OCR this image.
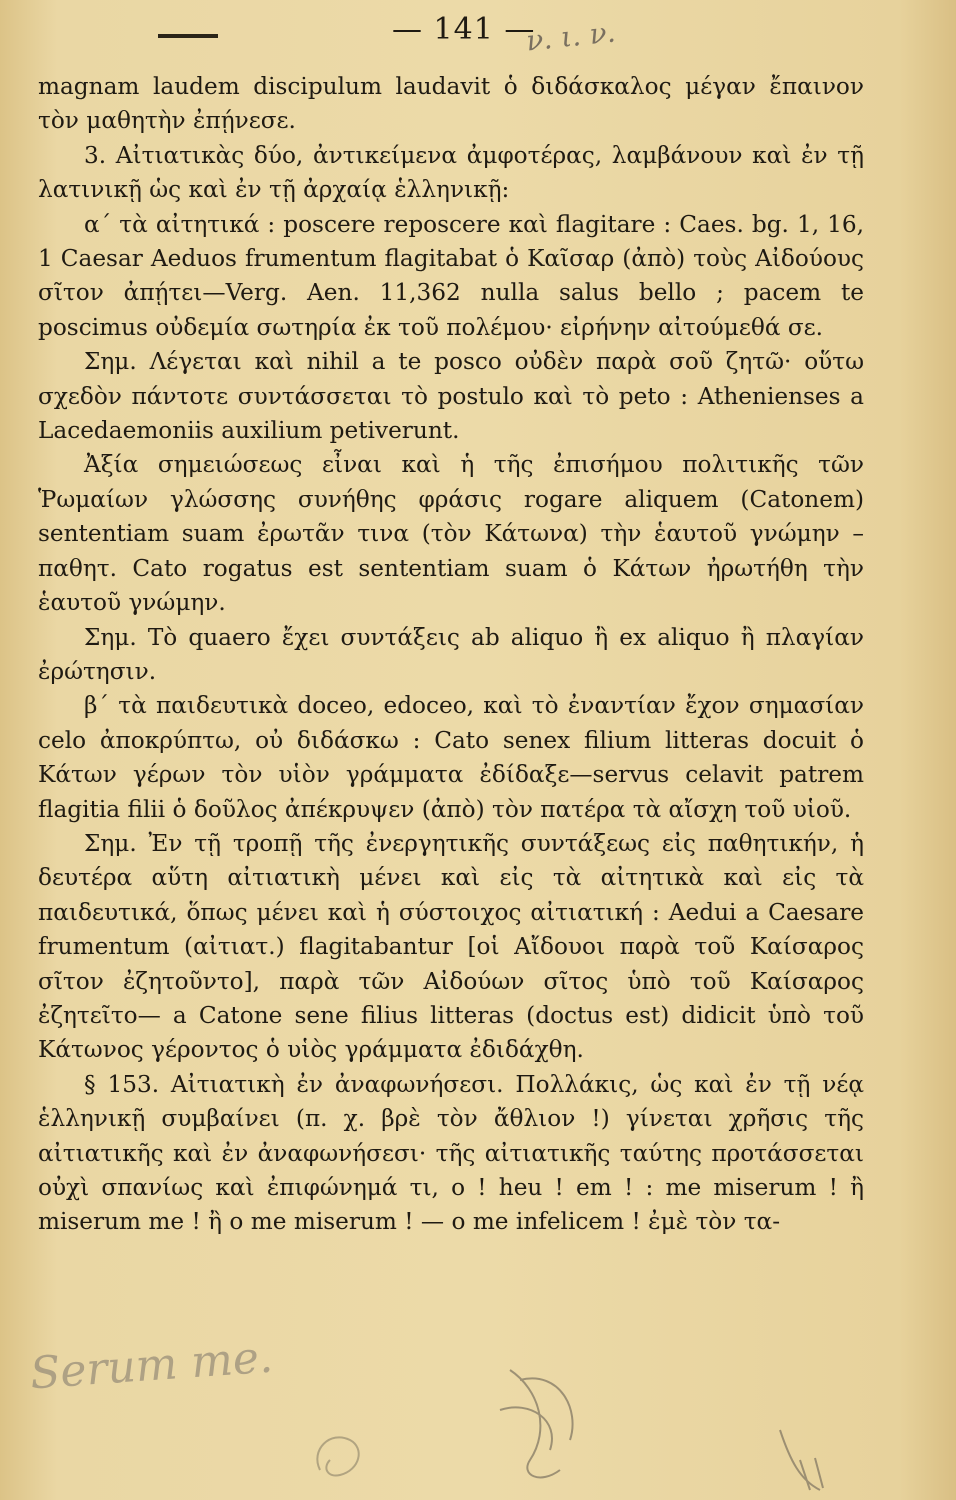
— 141 —
ν. ι. ν.

magnam laudem discipulum laudavit ὁ διδάσκαλος μέγαν ἔπαινον τὸν μαθητὴν ἐπῄνεσε.

3. Αἰτιατικὰς δύο, ἀντικείμενα ἀμφοτέρας, λαμβάνουν καὶ ἐν τῇ λατινικῇ ὡς καὶ ἐν τῇ ἀρχαίᾳ ἑλληνικῇ:

α΄ τὰ αἰτητικά : poscere reposcere καὶ flagitare : Caes. bg. 1, 16, 1 Caesar Aeduos frumentum flagitabat ὁ Καῖσαρ (ἀπὸ) τοὺς Αἰδούους σῖτον ἀπῄτει—Verg. Aen. 11,362 nulla salus bello ; pacem te poscimus οὐδεμία σωτηρία ἐκ τοῦ πολέμου· εἰρήνην αἰτούμεθά σε.

Σημ. Λέγεται καὶ nihil a te posco οὐδὲν παρὰ σοῦ ζητῶ· οὕτω σχεδὸν πάντοτε συντάσσεται τὸ postulo καὶ τὸ peto : Athenienses a Lacedaemoniis auxilium petiverunt.

Ἀξία σημειώσεως εἶναι καὶ ἡ τῆς ἐπισήμου πολιτικῆς τῶν Ῥωμαίων γλώσσης συνήθης φράσις rogare aliquem (Catonem) sententiam suam ἐρωτᾶν τινα (τὸν Κάτωνα) τὴν ἑαυτοῦ γνώμην – παθητ. Cato rogatus est sententiam suam ὁ Κάτων ἠρωτήθη τὴν ἑαυτοῦ γνώμην.

Σημ. Τὸ quaero ἔχει συντάξεις ab aliquo ἢ ex aliquo ἢ πλαγίαν ἐρώτησιν.

β΄ τὰ παιδευτικὰ doceo, edoceo, καὶ τὸ ἐναντίαν ἔχον σημασίαν celo ἀποκρύπτω, οὐ διδάσκω : Cato senex filium litteras docuit ὁ Κάτων γέρων τὸν υἱὸν γράμματα ἐδίδαξε—servus celavit patrem flagitia filii ὁ δοῦλος ἀπέκρυψεν (ἀπὸ) τὸν πατέρα τὰ αἴσχη τοῦ υἱοῦ.

Σημ. Ἐν τῇ τροπῇ τῆς ἐνεργητικῆς συντάξεως εἰς παθητικήν, ἡ δευτέρα αὕτη αἰτιατικὴ μένει καὶ εἰς τὰ αἰτητικὰ καὶ εἰς τὰ παιδευτικά, ὅπως μένει καὶ ἡ σύστοιχος αἰτιατική : Aedui a Caesare frumentum (αἰτιατ.) flagitabantur [οἱ Αἴδουοι παρὰ τοῦ Καίσαρος σῖτον ἐζητοῦντο], παρὰ τῶν Αἰδούων σῖτος ὑπὸ τοῦ Καίσαρος ἐζητεῖτο— a Catone sene filius litteras (doctus est) didicit ὑπὸ τοῦ Κάτωνος γέροντος ὁ υἱὸς γράμματα ἐδιδάχθη.

§ 153. Αἰτιατικὴ ἐν ἀναφωνήσεσι. Πολλάκις, ὡς καὶ ἐν τῇ νέᾳ ἑλληνικῇ συμβαίνει (π. χ. βρὲ τὸν ἄθλιον !) γίνεται χρῆσις τῆς αἰτιατικῆς καὶ ἐν ἀναφωνήσεσι· τῆς αἰτιατικῆς ταύτης προτάσσεται οὐχὶ σπανίως καὶ ἐπιφώνημά τι, ο ! heu ! em ! : me miserum ! ἢ miserum me ! ἢ o me miserum ! — o me infelicem ! ἐμὲ τὸν τα-

Serum me.
